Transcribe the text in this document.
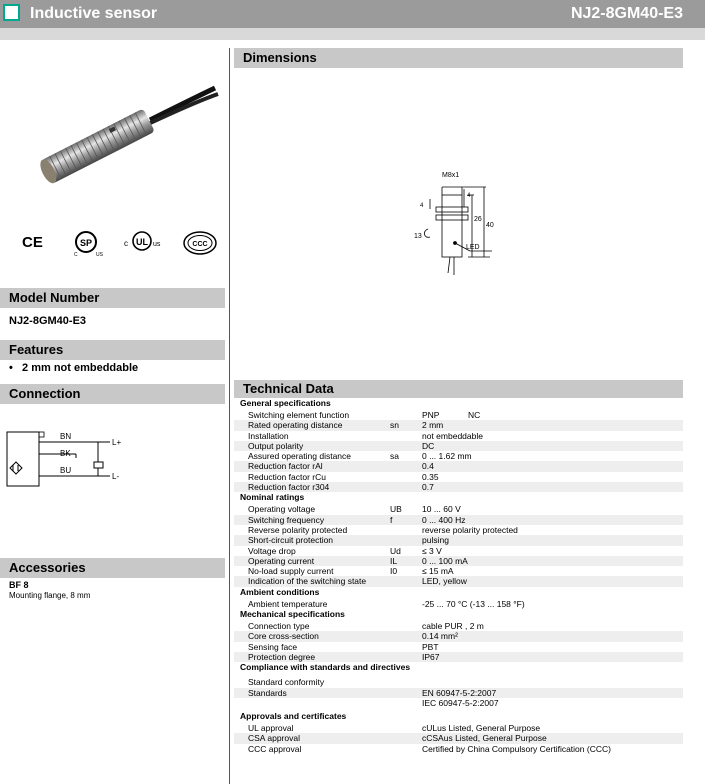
Inductive sensor	NJ2-8GM40-E3
CE	SP
C	US
c UL us	CCC
Model Number
NJ2-8GM40-E3
Features
•   2 mm not embeddable
Connection
BN
BK
BU
L+
L-
Accessories
BF 8
Mounting flange, 8 mm
Dimensions
M8x1
4
4
26
40
13
LED
Technical Data
General specifications
Switching element function	PNP	NC
Rated operating distance	sn	2 mm
Installation	not embeddable
Output polarity	DC
Assured operating distance	sa	0 ... 1.62 mm
Reduction factor rAl	0.4
Reduction factor rCu	0.35
Reduction factor r304	0.7
Nominal ratings
Operating voltage	UB 10 ... 60 V
Switching frequency	f	0 ... 400 Hz
Reverse polarity protected	reverse polarity protected
Short-circuit protection	pulsing
Voltage drop	Ud ≤ 3 V
Operating current	IL	0 ... 100 mA
No-load supply current	I0	≤ 15 mA
Indication of the switching state	LED, yellow
Ambient conditions
Ambient temperature	-25 ... 70 °C (-13 ... 158 °F)
Mechanical specifications
Connection type	cable PUR , 2 m
Core cross-section	0.14 mm²
Sensing face	PBT
Protection degree	IP67
Compliance with standards and directives
Standard conformity
Standards	EN 60947-5-2:2007
IEC 60947-5-2:2007
Approvals and certificates
UL approval	cULus Listed, General Purpose
CSA approval	cCSAus Listed, General Purpose
CCC approval	Certified by China Compulsory Certification (CCC)
